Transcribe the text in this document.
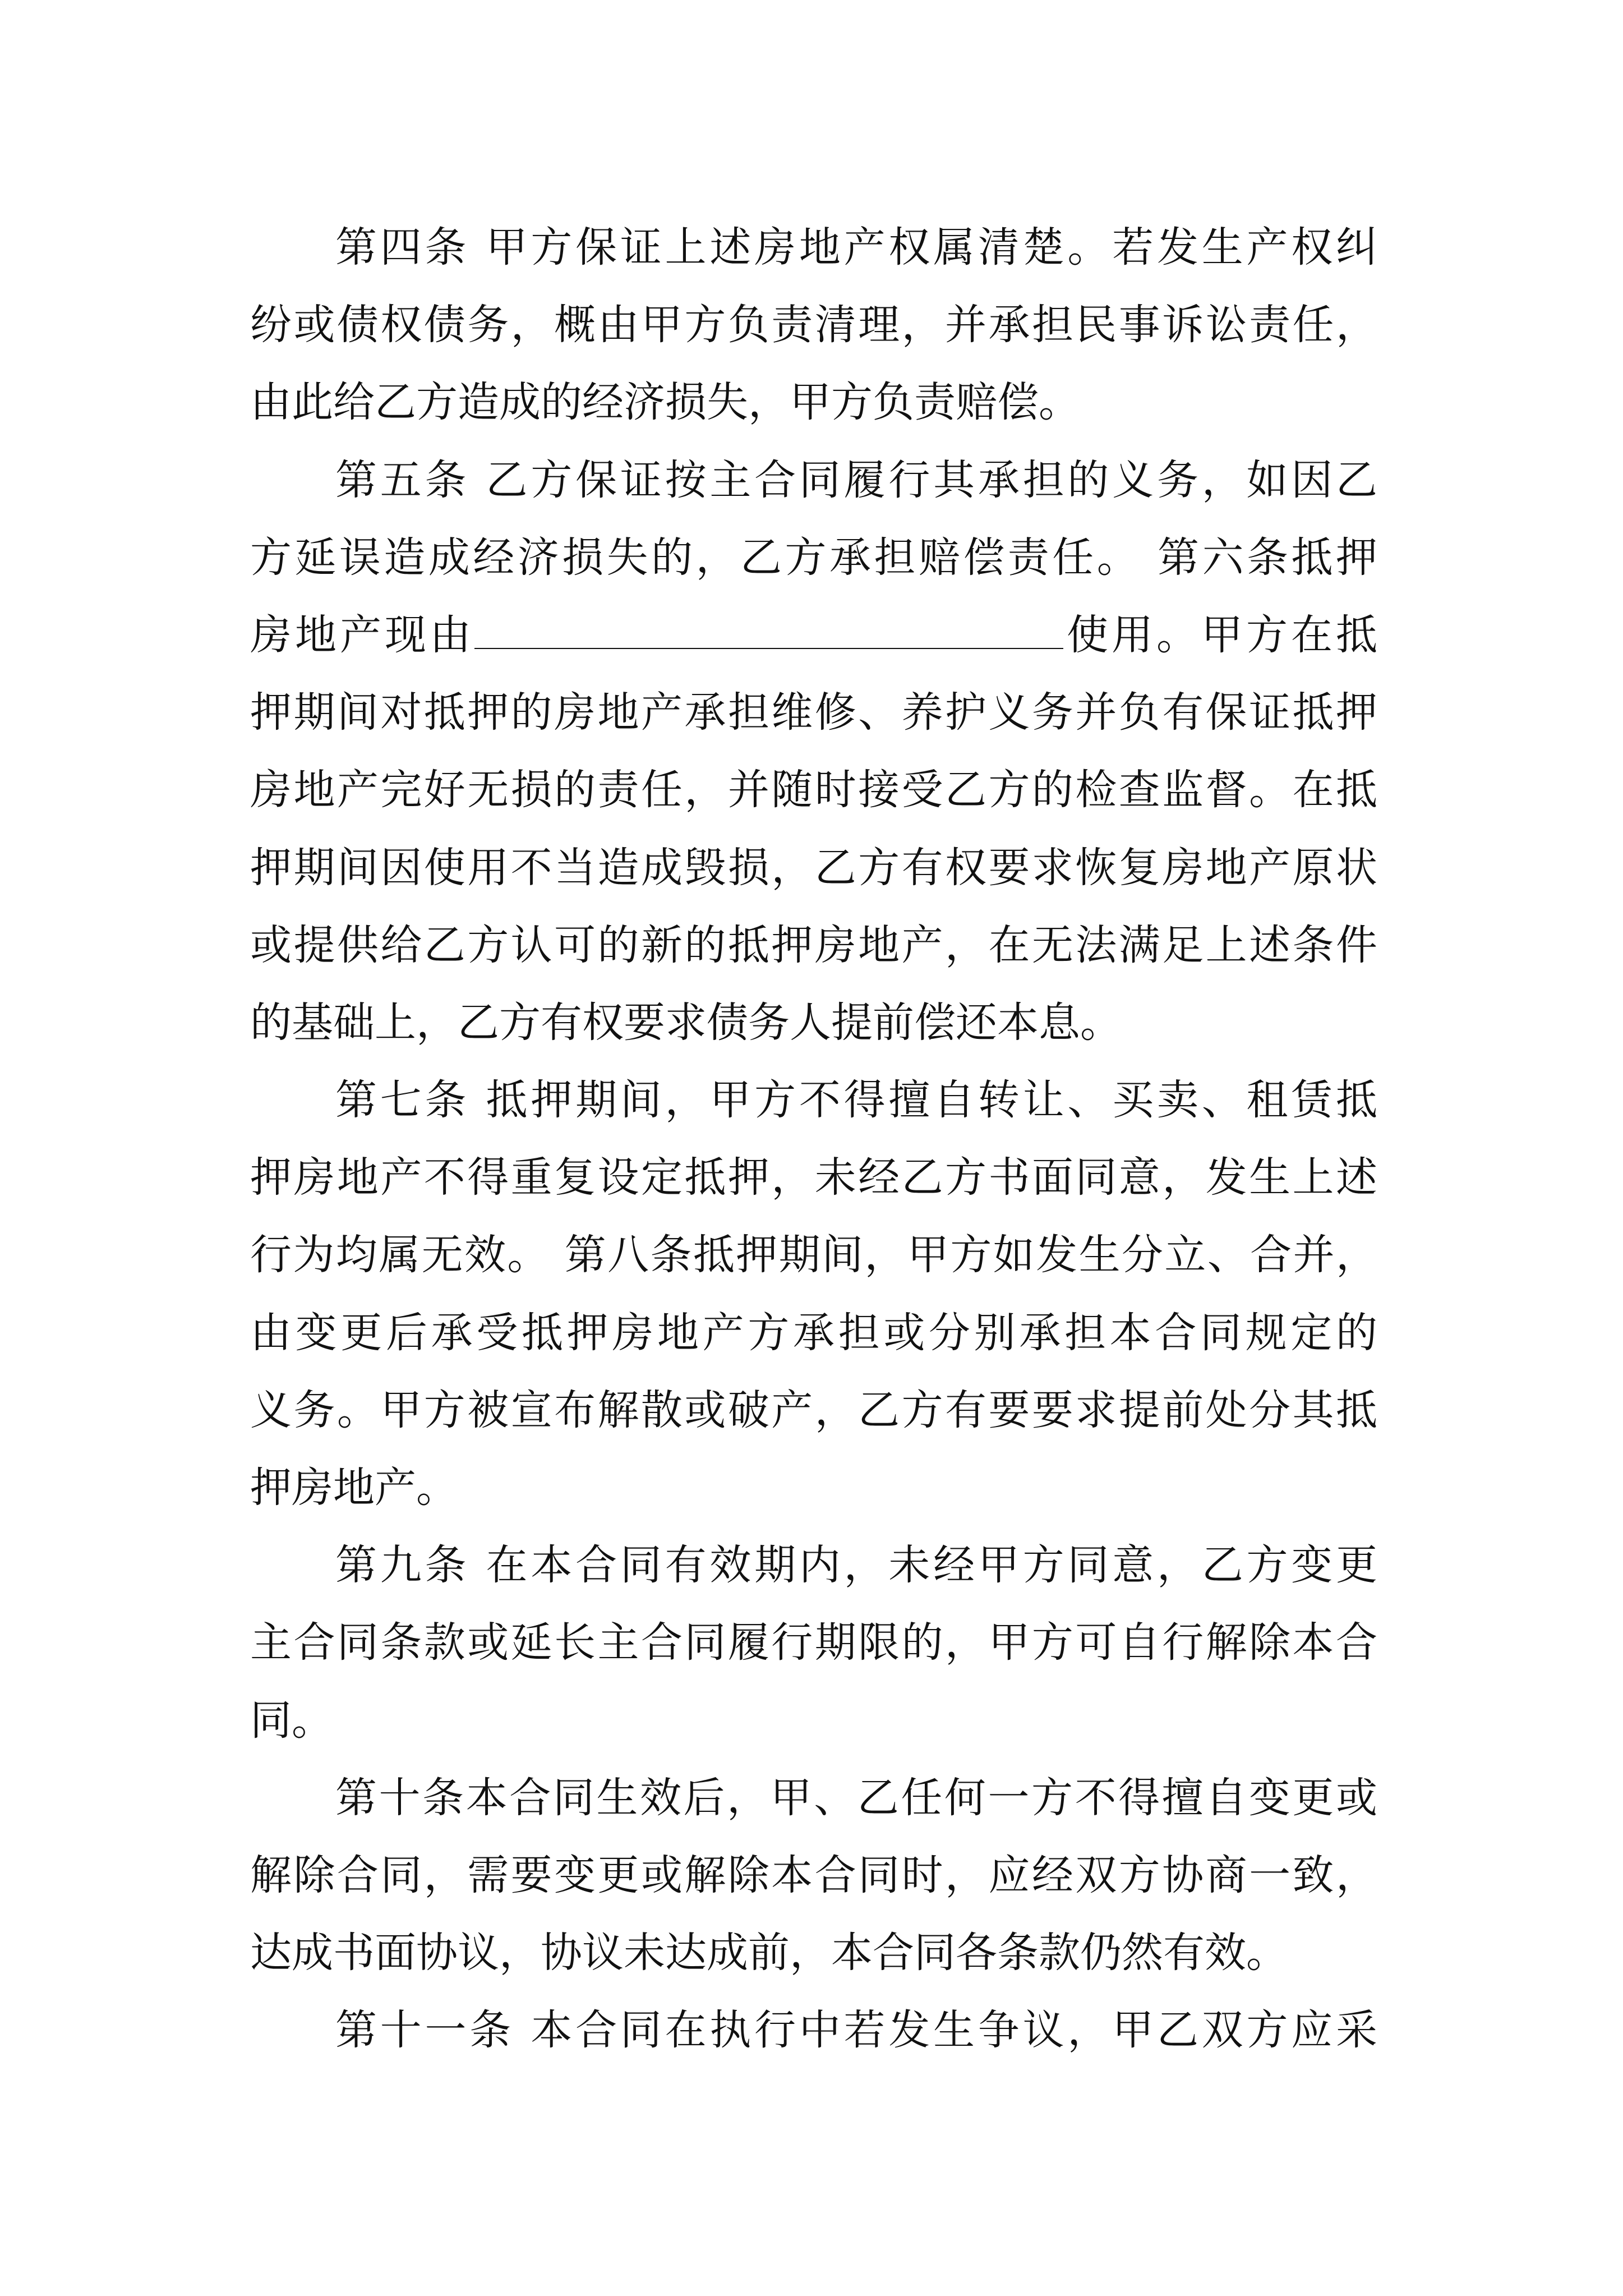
第四条 甲方保证上述房地产权属清楚。若发生产权纠
纷或债权债务，概由甲方负责清理，并承担民事诉讼责任，
由此给乙方造成的经济损失，甲方负责赔偿。
第五条 乙方保证按主合同履行其承担的义务，如因乙
方延误造成经济损失的，乙方承担赔偿责任。 第六条抵押
房地产现由	使用。甲方在抵
押期间对抵押的房地产承担维修、养护义务并负有保证抵押
房地产完好无损的责任，并随时接受乙方的检查监督。在抵
押期间因使用不当造成毁损，乙方有权要求恢复房地产原状
或提供给乙方认可的新的抵押房地产，在无法满足上述条件
的基础上，乙方有权要求债务人提前偿还本息。
第七条 抵押期间，甲方不得擅自转让、买卖、租赁抵
押房地产不得重复设定抵押，未经乙方书面同意，发生上述
行为均属无效。 第八条抵押期间，甲方如发生分立、合并，
由变更后承受抵押房地产方承担或分别承担本合同规定的
义务。甲方被宣布解散或破产，乙方有要要求提前处分其抵
押房地产。
第九条 在本合同有效期内，未经甲方同意，乙方变更
主合同条款或延长主合同履行期限的，甲方可自行解除本合
同。
第十条本合同生效后，甲、乙任何一方不得擅自变更或
解除合同，需要变更或解除本合同时，应经双方协商一致，
达成书面协议，协议未达成前，本合同各条款仍然有效。
第十一条 本合同在执行中若发生争议，甲乙双方应采
